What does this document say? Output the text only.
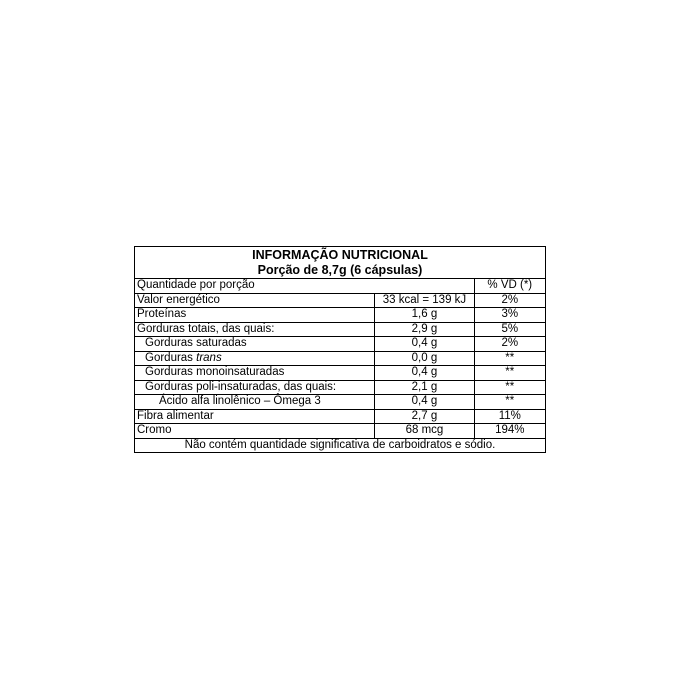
INFORMAÇÃO NUTRICIONAL
Porção de 8,7g (6 cápsulas)		

Quantidade por porção		% VD (*)
Valor energético	33 kcal = 139 kJ	2%
Proteínas	1,6 g	3%
Gorduras totais, das quais:	2,9 g	5%
Gorduras saturadas	0,4 g	2%
Gorduras trans	0,0 g	**
Gorduras monoinsaturadas	0,4 g	**
Gorduras poli-insaturadas, das quais:	2,1 g	**
Ácido alfa linolênico – Ômega 3	0,4 g	**
Fibra alimentar	2,7 g	11%
Cromo	68 mcg	194%
Não contém quantidade significativa de carboidratos e sódio.		
